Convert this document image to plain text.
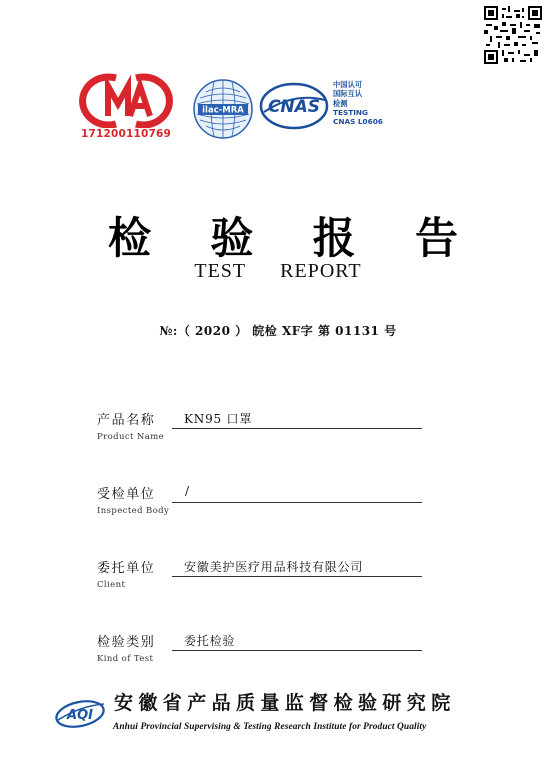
171200110769
ilac-MRA CNAS
中国认可
国际互认
检测
TESTING
CNAS L0606
检 验 报 告
TEST REPORT
№:（ 2020 ） 皖检 XF字 第 01131 号
产品名称
Product Name
KN95 口罩
受检单位
Inspected Body
/
委托单位
Client
安徽美护医疗用品科技有限公司
检验类别
Kind of Test
委托检验
AQI
安徽省产品质量监督检验研究院
Anhui Provincial Supervising & Testing Research Institute for Product Quality
